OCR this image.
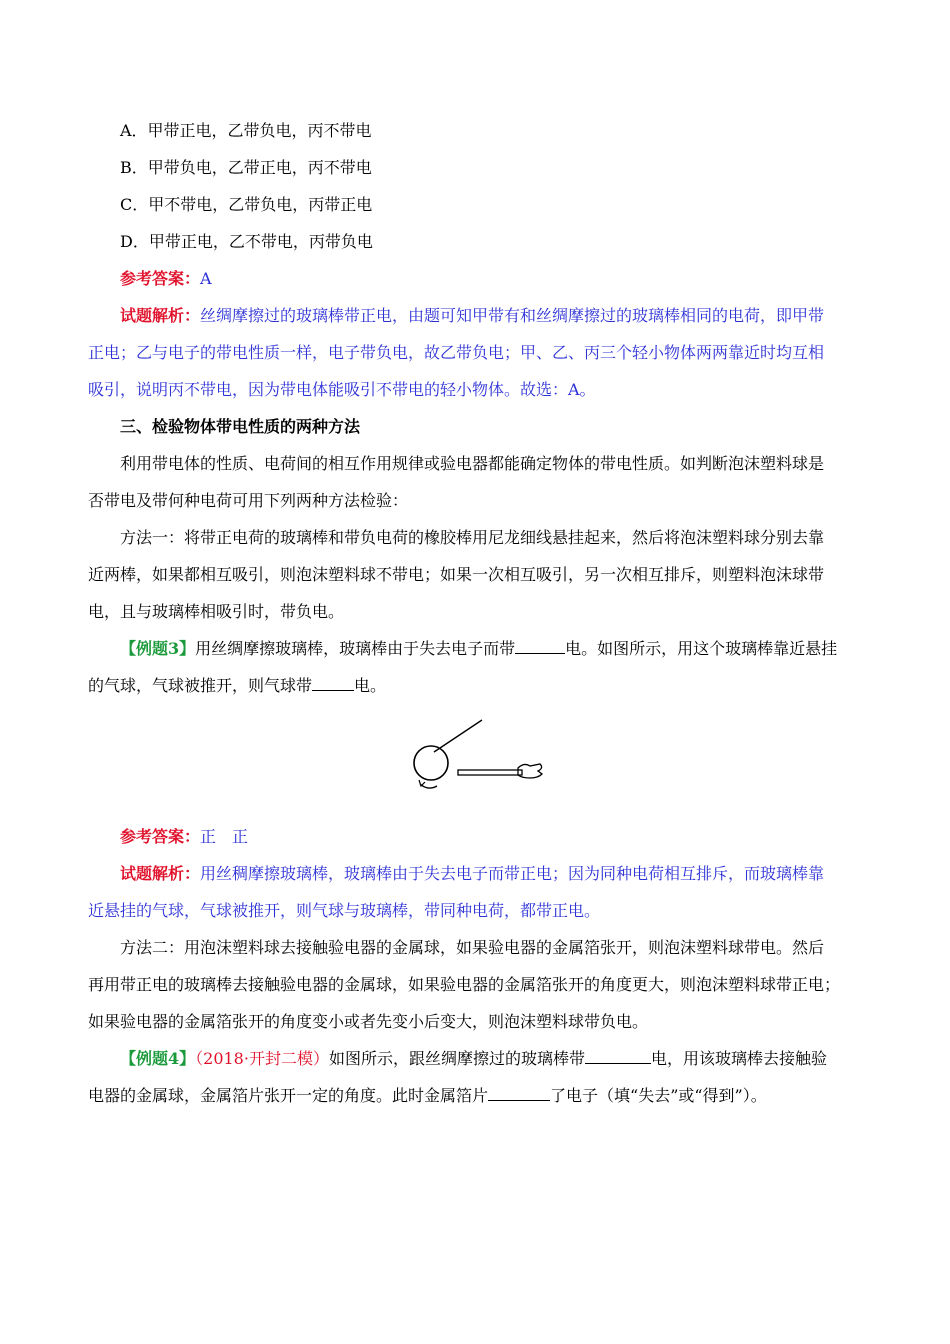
A．甲带正电，乙带负电，丙不带电

B．甲带负电，乙带正电，丙不带电

C．甲不带电，乙带负电，丙带正电

D．甲带正电，乙不带电，丙带负电

参考答案：A

试题解析：丝绸摩擦过的玻璃棒带正电，由题可知甲带有和丝绸摩擦过的玻璃棒相同的电荷，即甲带

正电；乙与电子的带电性质一样，电子带负电，故乙带负电；甲、乙、丙三个轻小物体两两靠近时均互相

吸引，说明丙不带电，因为带电体能吸引不带电的轻小物体。故选：A。

三、检验物体带电性质的两种方法

利用带电体的性质、电荷间的相互作用规律或验电器都能确定物体的带电性质。如判断泡沫塑料球是

否带电及带何种电荷可用下列两种方法检验：

方法一：将带正电荷的玻璃棒和带负电荷的橡胶棒用尼龙细线悬挂起来，然后将泡沫塑料球分别去靠

近两棒，如果都相互吸引，则泡沫塑料球不带电；如果一次相互吸引，另一次相互排斥，则塑料泡沫球带

电，且与玻璃棒相吸引时，带负电。

【例题3】用丝绸摩擦玻璃棒，玻璃棒由于失去电子而带	电。如图所示，用这个玻璃棒靠近悬挂

的气球，气球被推开，则气球带	电。

参考答案：正　正

试题解析：用丝稠摩擦玻璃棒，玻璃棒由于失去电子而带正电；因为同种电荷相互排斥，而玻璃棒靠

近悬挂的气球，气球被推开，则气球与玻璃棒，带同种电荷，都带正电。

方法二：用泡沫塑料球去接触验电器的金属球，如果验电器的金属箔张开，则泡沫塑料球带电。然后

再用带正电的玻璃棒去接触验电器的金属球，如果验电器的金属箔张开的角度更大，则泡沫塑料球带正电；

如果验电器的金属箔张开的角度变小或者先变小后变大，则泡沫塑料球带负电。

【例题4】（2018·开封二模）如图所示，跟丝绸摩擦过的玻璃棒带	电，用该玻璃棒去接触验

电器的金属球，金属箔片张开一定的角度。此时金属箔片	了电子（填“失去”或“得到”）。
